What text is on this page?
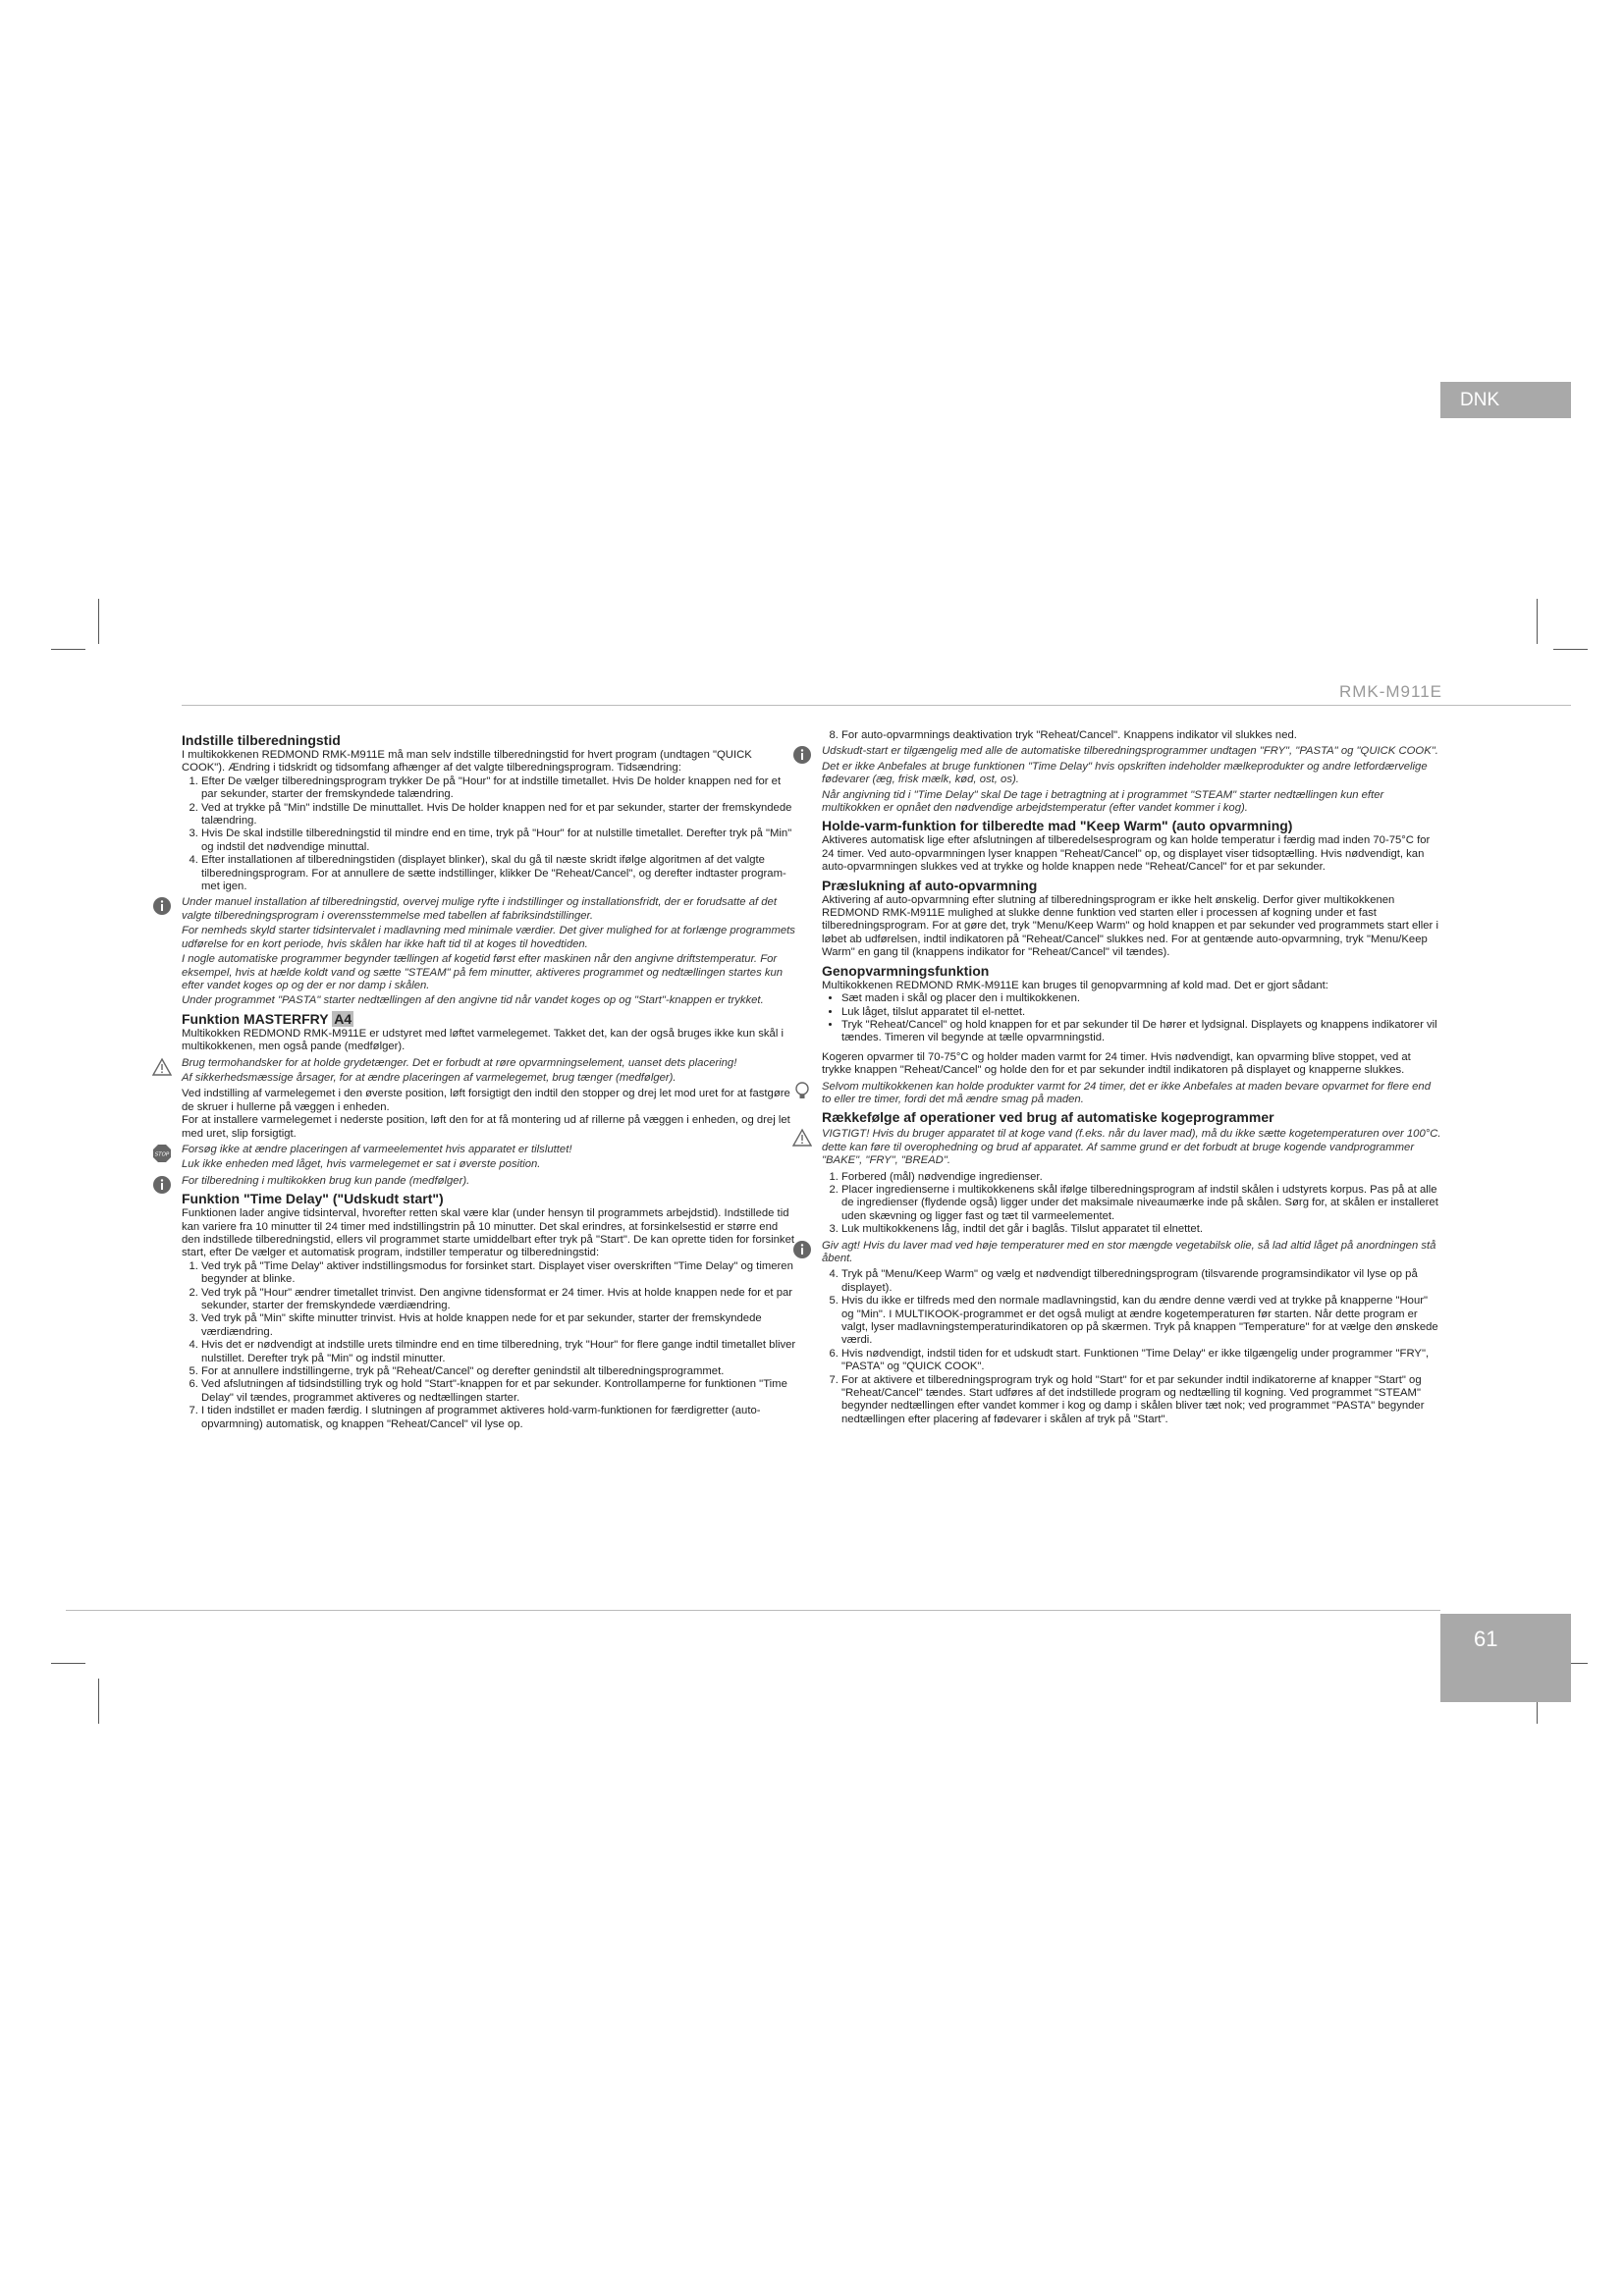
RMK-M911E
DNK
61
Indstille tilberedningstid

I multikokkenen REDMOND RMK-M911E må man selv indstille tilberedningstid for hvert program (undtagen "QUICK COOK"). Ændring i tidskridt og tidsomfang afhænger af det valgte tilberedningsprogram. Tidsændring:

1. Efter De vælger tilberedningsprogram trykker De på "Hour" for at indstille timetallet. Hvis De holder knappen ned for et par sekunder, starter der fremskyndede talændring.
2. Ved at trykke på "Min" indstille De minuttallet. Hvis De holder knappen ned for et par sekunder, starter der fremskyndede talændring.
3. Hvis De skal indstille tilberedningstid til mindre end en time, tryk på "Hour" for at nulstille timetallet. Derefter tryk på "Min" og indstil det nødvendige minuttal.
4. Efter installationen af tilberedningstiden (displayet blinker), skal du gå til næste skridt ifølge algoritmen af det valgte tilberedningsprogram. For at annullere de sætte indstillinger, klikker De "Reheat/Cancel", og derefter indtaster program-met igen.

Under manuel installation af tilberedningstid, overvej mulige ryfte i indstillinger og installationsfridt, der er forudsatte af det valgte tilberedningsprogram i overensstemmelse med tabellen af fabriksindstillinger.

For nemheds skyld starter tidsintervalet i madlavning med minimale værdier. Det giver mulighed for at forlænge programmets udførelse for en kort periode, hvis skålen har ikke haft tid til at koges til hovedtiden.

I nogle automatiske programmer begynder tællingen af kogetid først efter maskinen når den angivne driftstemperatur. For eksempel, hvis at hælde koldt vand og sætte "STEAM" på fem minutter, aktiveres programmet og nedtællingen startes kun efter vandet koges op og der er nor damp i skålen.

Under programmet "PASTA" starter nedtællingen af den angivne tid når vandet koges op og "Start"-knappen er trykket.

Funktion MASTERFRY A4

Multikokken REDMOND RMK-M911E er udstyret med løftet varmelegemet. Takket det, kan der også bruges ikke kun skål i multikokkenen, men også pande (medfølger).

Brug termohandsker for at holde grydetænger. Det er forbudt at røre opvarmningselement, uanset dets placering!

Af sikkerhedsmæssige årsager, for at ændre placeringen af varmelegemet, brug tænger (medfølger).

Ved indstilling af varmelegemet i den øverste position, løft forsigtigt den indtil den stopper og drej let mod uret for at fastgøre de skruer i hullerne på væggen i enheden.

For at installere varmelegemet i nederste position, løft den for at få montering ud af rillerne på væggen i enheden, og drej let med uret, slip forsigtigt.

STOP Forsøg ikke at ændre placeringen af varmeelementet hvis apparatet er tilsluttet!

Luk ikke enheden med låget, hvis varmelegemet er sat i øverste position.

For tilberedning i multikokken brug kun pande (medfølger).

Funktion "Time Delay" ("Udskudt start")

Funktionen lader angive tidsinterval, hvorefter retten skal være klar (under hensyn til programmets arbejdstid). Indstillede tid kan variere fra 10 minutter til 24 timer med indstillingstrin på 10 minutter. Det skal erindres, at forsinkelsestid er større end den indstillede tilberedningstid, ellers vil programmet starte umiddelbart efter tryk på "Start". De kan oprette tiden for forsinket start, efter De vælger et automatisk program, indstiller temperatur og tilberedningstid:

1. Ved tryk på "Time Delay" aktiver indstillingsmodus for forsinket start. Displayet viser overskriften "Time Delay" og timeren begynder at blinke.
2. Ved tryk på "Hour" ændrer timetallet trinvist. Den angivne tidensformat er 24 timer. Hvis at holde knappen nede for et par sekunder, starter der fremskyndede værdiændring.
3. Ved tryk på "Min" skifte minutter trinvist. Hvis at holde knappen nede for et par sekunder, starter der fremskyndede værdiændring.
4. Hvis det er nødvendigt at indstille urets tilmindre end en time tilberedning, tryk "Hour" for flere gange indtil timetallet bliver nulstillet. Derefter tryk på "Min" og indstil minutter.
5. For at annullere indstillingerne, tryk på "Reheat/Cancel" og derefter genindstil alt tilberedningsprogrammet.
6. Ved afslutningen af tidsindstilling tryk og hold "Start"-knappen for et par sekunder. Kontrollamperne for funktionen "Time Delay" vil tændes, programmet aktiveres og nedtællingen starter.
7. I tiden indstillet er maden færdig. I slutningen af programmet aktiveres hold-varm-funktionen for færdigretter (auto-opvarmning) automatisk, og knappen "Reheat/Cancel" vil lyse op.
8. For auto-opvarmnings deaktivation tryk "Reheat/Cancel". Knappens indikator vil slukkes ned.

Udskudt-start er tilgængelig med alle de automatiske tilberedningsprogrammer undtagen "FRY", "PASTA" og "QUICK COOK".

Det er ikke Anbefales at bruge funktionen "Time Delay" hvis opskriften indeholder mælkeprodukter og andre letfordærvelige fødevarer (æg, frisk mælk, kød, ost, os).

Når angivning tid i "Time Delay" skal De tage i betragtning at i programmet "STEAM" starter nedtællingen kun efter multikokken er opnået den nødvendige arbejdstemperatur (efter vandet kommer i kog).

Holde-varm-funktion for tilberedte mad "Keep Warm" (auto opvarmning)

Aktiveres automatisk lige efter afslutningen af tilberedelsesprogram og kan holde temperatur i færdig mad inden 70-75°C for 24 timer. Ved auto-opvarmningen lyser knappen "Reheat/Cancel" op, og displayet viser tidsoptælling. Hvis nødvendigt, kan auto-opvarmningen slukkes ved at trykke og holde knappen nede "Reheat/Cancel" for et par sekunder.

Præslukning af auto-opvarmning

Aktivering af auto-opvarmning efter slutning af tilberedningsprogram er ikke helt ønskelig. Derfor giver multikokkenen REDMOND RMK-M911E mulighed at slukke denne funktion ved starten eller i processen af kogning under et fast tilberedningsprogram. For at gøre det, tryk "Menu/Keep Warm" og hold knappen et par sekunder ved programmets start eller i løbet ab udførelsen, indtil indikatoren på "Reheat/Cancel" slukkes ned. For at gentænde auto-opvarmning, tryk "Menu/Keep Warm" en gang til (knappens indikator for "Reheat/Cancel" vil tændes).

Genopvarmningsfunktion

Multikokkenen REDMOND RMK-M911E kan bruges til genopvarmning af kold mad. Det er gjort sådant:

• Sæt maden i skål og placer den i multikokkenen.
• Luk låget, tilslut apparatet til el-nettet.
• Tryk "Reheat/Cancel" og hold knappen for et par sekunder til De hører et lydsignal. Displayets og knappens indikatorer vil tændes. Timeren vil begynde at tælle opvarmningstid.

Kogeren opvarmer til 70-75°C og holder maden varmt for 24 timer. Hvis nødvendigt, kan opvarming blive stoppet, ved at trykke knappen "Reheat/Cancel" og holde den for et par sekunder indtil indikatoren på displayet og knapperne slukkes.

Selvom multikokkenen kan holde produkter varmt for 24 timer, det er ikke Anbefales at maden bevare opvarmet for flere end to eller tre timer, fordi det må ændre smag på maden.

Rækkefølge af operationer ved brug af automatiske kogeprogrammer

VIGTIGT! Hvis du bruger apparatet til at koge vand (f.eks. når du laver mad), må du ikke sætte kogetemperaturen over 100°C. dette kan føre til overophedning og brud af apparatet. Af samme grund er det forbudt at bruge kogende vandprogrammer "BAKE", "FRY", "BREAD".

1. Forbered (mål) nødvendige ingredienser.
2. Placer ingredienserne i multikokkenens skål ifølge tilberedningsprogram af indstil skålen i udstyrets korpus. Pas på at alle de ingredienser (flydende også) ligger under det maksimale niveaumærke inde på skålen. Sørg for, at skålen er installeret uden skævning og ligger fast og tæt til varmeelementet.
3. Luk multikokkenens låg, indtil det går i baglås. Tilslut apparatet til elnettet.

Giv agt! Hvis du laver mad ved høje temperaturer med en stor mængde vegetabilsk olie, så lad altid låget på anordningen stå åbent.

4. Tryk på "Menu/Keep Warm" og vælg et nødvendigt tilberedningsprogram (tilsvarende programsindikator vil lyse op på displayet).
5. Hvis du ikke er tilfreds med den normale madlavningstid, kan du ændre denne værdi ved at trykke på knapperne "Hour" og "Min". I MULTIKOOK-programmet er det også muligt at ændre kogetemperaturen før starten. Når dette program er valgt, lyser madlavningstemperaturindikatoren op på skærmen. Tryk på knappen "Temperature" for at vælge den ønskede værdi.
6. Hvis nødvendigt, indstil tiden for et udskudt start. Funktionen "Time Delay" er ikke tilgængelig under programmer "FRY", "PASTA" og "QUICK COOK".
7. For at aktivere et tilberedningsprogram tryk og hold "Start" for et par sekunder indtil indikatorerne af knapper "Start" og "Reheat/Cancel" tændes. Start udføres af det indstillede program og nedtælling til kogning. Ved programmet "STEAM" begynder nedtællingen efter vandet kommer i kog og damp i skålen bliver tæt nok; ved programmet "PASTA" begynder nedtællingen efter placering af fødevarer i skålen af tryk på "Start".
